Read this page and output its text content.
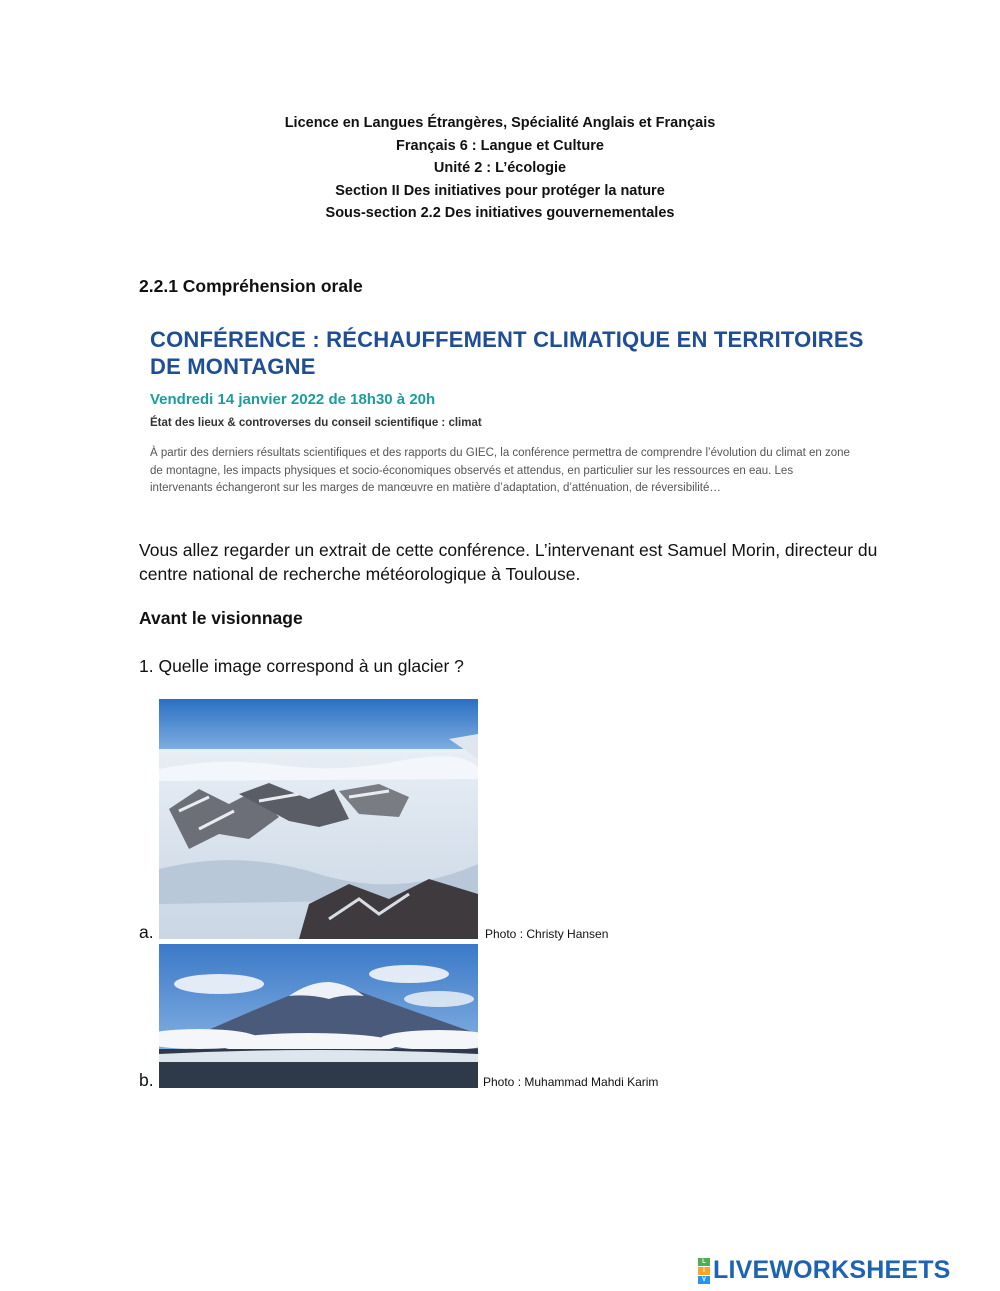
Licence en Langues Étrangères, Spécialité Anglais et Français
Français 6 : Langue et Culture
Unité 2 : L’écologie
Section II Des initiatives pour protéger la nature
Sous-section 2.2 Des initiatives gouvernementales
2.2.1 Compréhension orale
CONFÉRENCE : RÉCHAUFFEMENT CLIMATIQUE EN TERRITOIRES DE MONTAGNE
Vendredi 14 janvier 2022 de 18h30 à 20h
État des lieux & controverses du conseil scientifique : climat
À partir des derniers résultats scientifiques et des rapports du GIEC, la conférence permettra de comprendre l’évolution du climat en zone de montagne, les impacts physiques et socio-économiques observés et attendus, en particulier sur les ressources en eau. Les intervenants échangeront sur les marges de manœuvre en matière d’adaptation, d’atténuation, de réversibilité…
Vous allez regarder un extrait de cette conférence. L’intervenant est Samuel Morin, directeur du centre national de recherche météorologique à Toulouse.
Avant le visionnage
1. Quelle image correspond à un glacier ?
a.	Photo : Christy Hansen
b.	Photo : Muhammad Mahdi Karim
L
I
V LIVEWORKSHEETS
